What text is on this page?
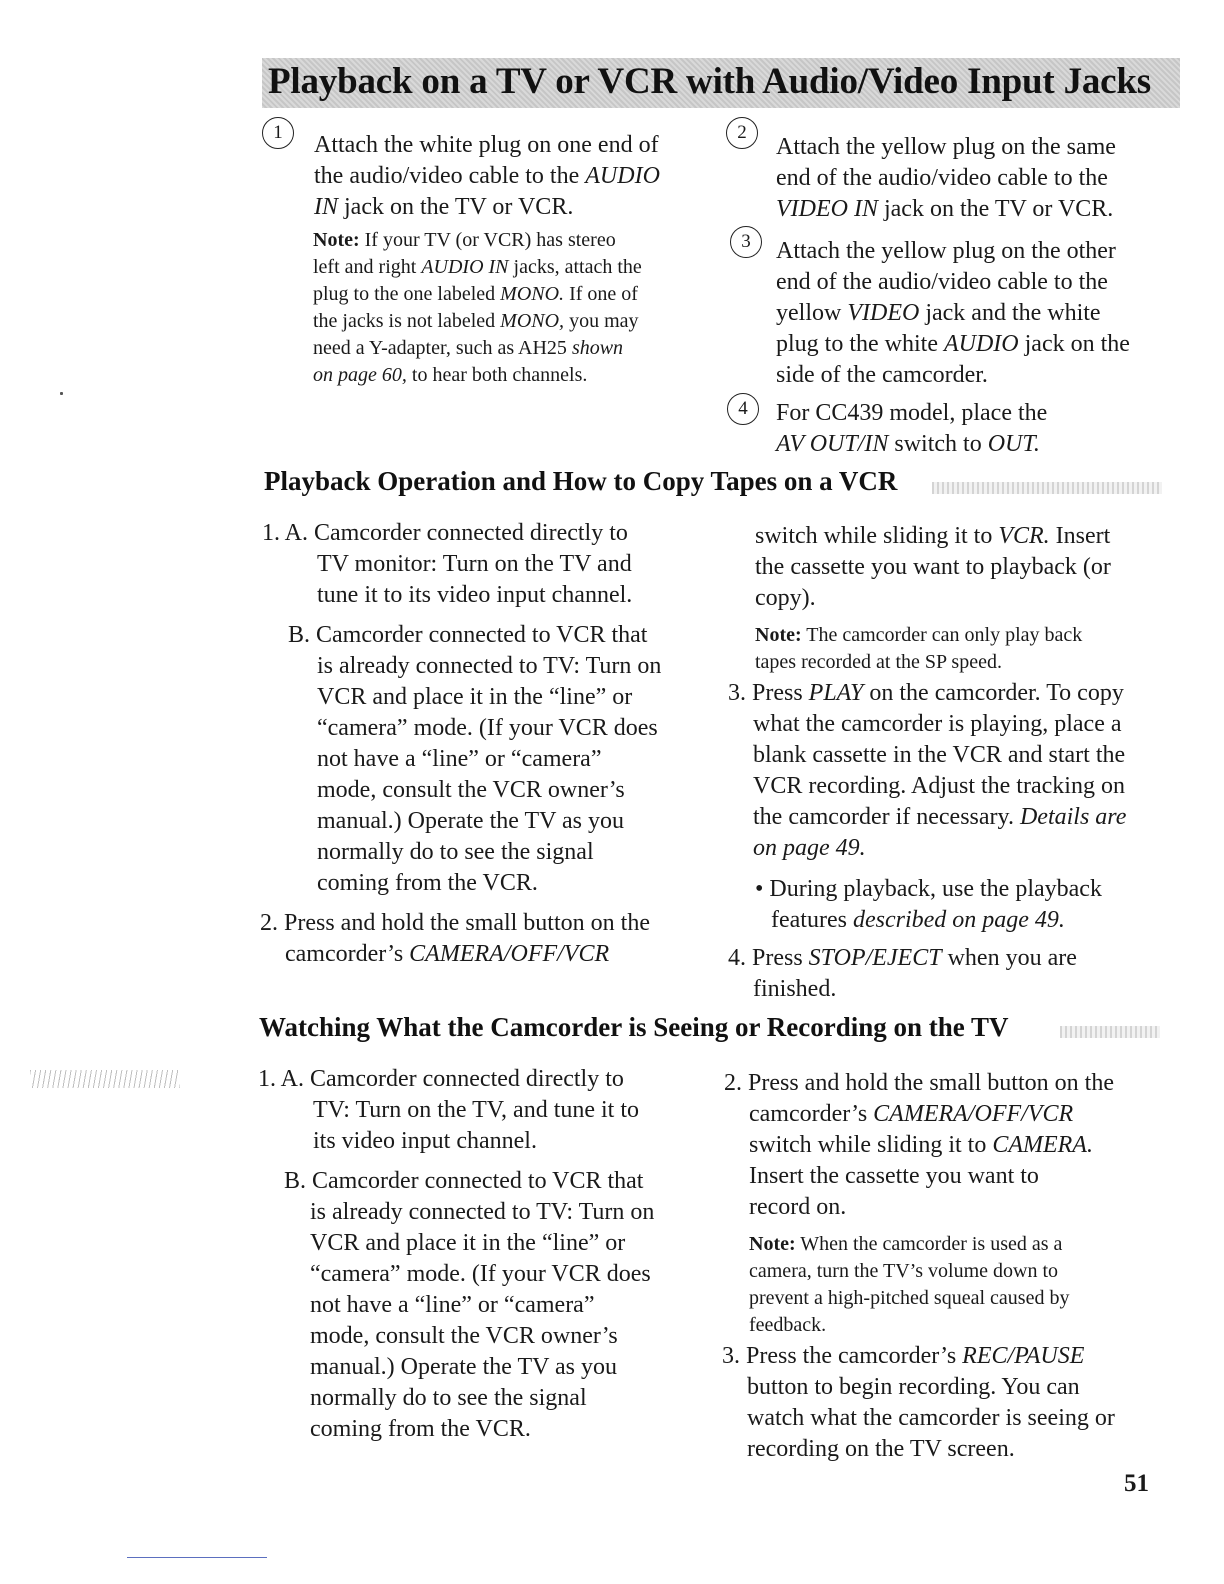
Playback on a TV or VCR with Audio/Video Input Jacks
1	Attach the white plug on one end of

the audio/video cable to the AUDIO

IN jack on the TV or VCR.

Note: If your TV (or VCR) has stereo

left and right AUDIO IN jacks, attach the

plug to the one labeled MONO. If one of

the jacks is not labeled MONO, you may

need a Y-adapter, such as AH25 shown

on page 60, to hear both channels.

2

Attach the yellow plug on the same

end of the audio/video cable to the

VIDEO IN jack on the TV or VCR.

3	Attach the yellow plug on the other

end of the audio/video cable to the

yellow VIDEO jack and the white

plug to the white AUDIO jack on the

side of the camcorder.

4	For CC439 model, place the

AV OUT/IN switch to OUT.

Playback Operation and How to Copy Tapes on a VCR

1. A. Camcorder connected directly to

TV monitor: Turn on the TV and

tune it to its video input channel.

B. Camcorder connected to VCR that

is already connected to TV: Turn on

VCR and place it in the “line” or

“camera” mode. (If your VCR does

not have a “line” or “camera”

mode, consult the VCR owner’s

manual.) Operate the TV as you

normally do to see the signal

coming from the VCR.

2. Press and hold the small button on the

camcorder’s CAMERA/OFF/VCR

switch while sliding it to VCR. Insert

the cassette you want to playback (or

copy).

Note: The camcorder can only play back

tapes recorded at the SP speed.

3. Press PLAY on the camcorder. To copy

what the camcorder is playing, place a

blank cassette in the VCR and start the

VCR recording. Adjust the tracking on

the camcorder if necessary. Details are

on page 49.

• During playback, use the playback

features described on page 49.

4. Press STOP/EJECT when you are

finished.

Watching What the Camcorder is Seeing or Recording on the TV

1. A. Camcorder connected directly to

TV: Turn on the TV, and tune it to

its video input channel.

B. Camcorder connected to VCR that

is already connected to TV: Turn on

VCR and place it in the “line” or

“camera” mode. (If your VCR does

not have a “line” or “camera”

mode, consult the VCR owner’s

manual.) Operate the TV as you

normally do to see the signal

coming from the VCR.

2. Press and hold the small button on the

camcorder’s CAMERA/OFF/VCR

switch while sliding it to CAMERA.

Insert the cassette you want to

record on.

Note: When the camcorder is used as a

camera, turn the TV’s volume down to

prevent a high-pitched squeal caused by

feedback.

3. Press the camcorder’s REC/PAUSE

button to begin recording. You can

watch what the camcorder is seeing or

recording on the TV screen.

51
